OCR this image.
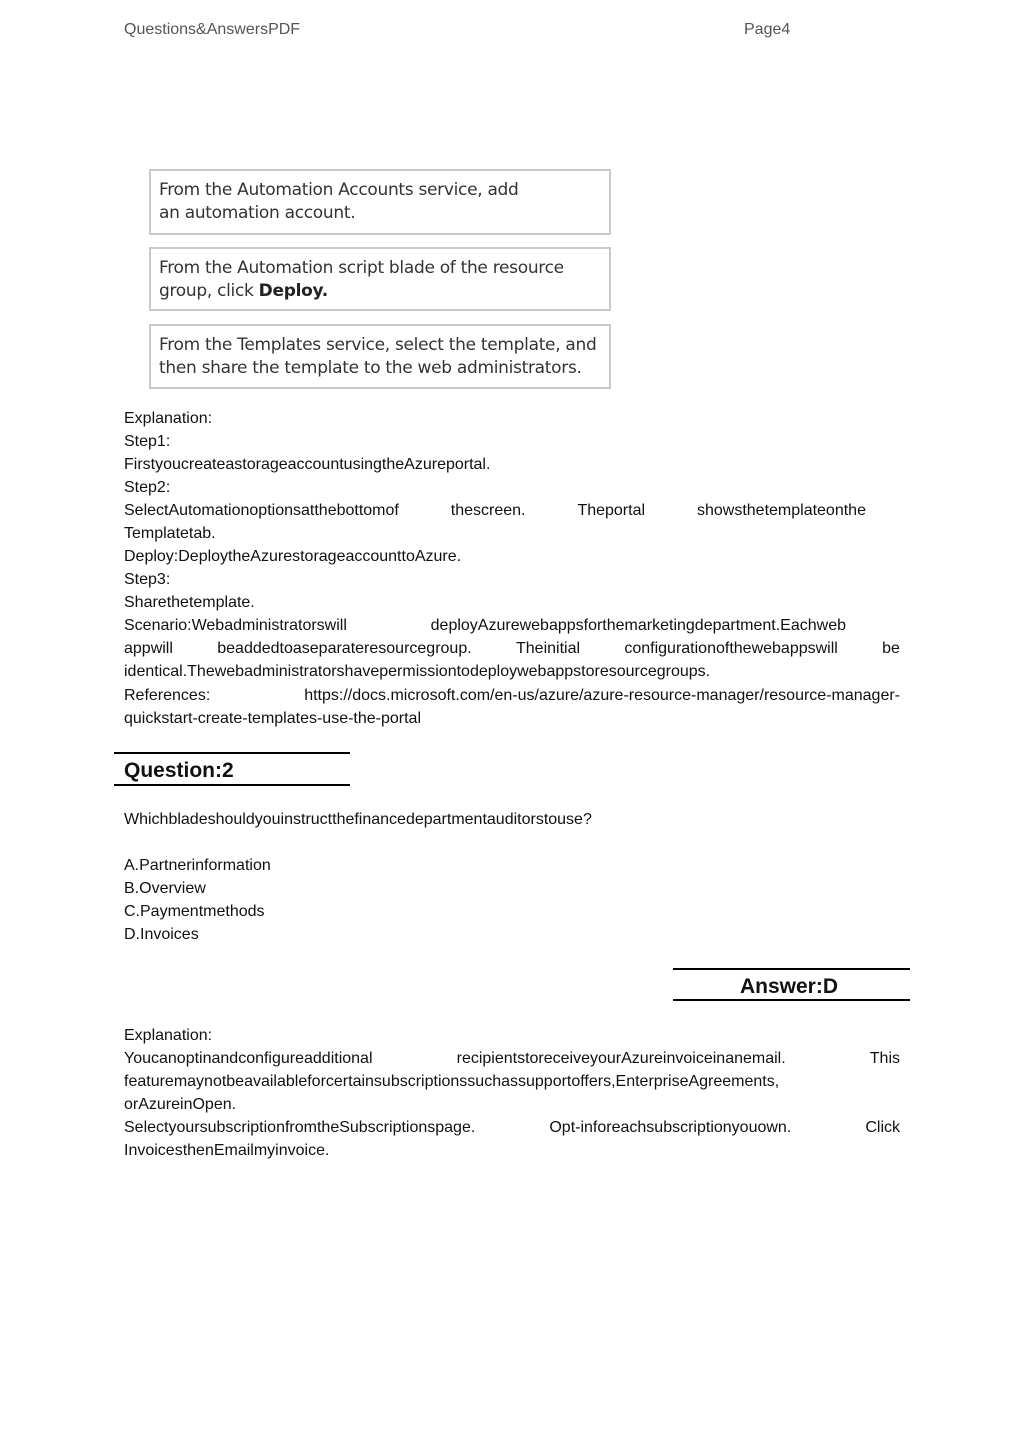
Questions&AnswersPDF	Page4
From the Automation Accounts service, add
an automation account.
From the Automation script blade of the resource
group, click Deploy.
From the Templates service, select the template, and
then share the template to the web administrators.
Explanation:
Step1:
FirstyoucreateastorageaccountusingtheAzureportal.
Step2:
SelectAutomationoptionsatthebottomof	thescreen.	Theportal	showsthetemplateonthe
Templatetab.
Deploy:DeploytheAzurestorageaccounttoAzure.
Step3:
Sharethetemplate.
Scenario:Webadministratorswill	deployAzurewebappsforthemarketingdepartment.Eachweb
appwill	beaddedtoaseparateresourcegroup.	Theinitial	configurationofthewebappswill	be
identical.Thewebadministratorshavepermissiontodeploywebappstoresourcegroups.
References:	https://docs.microsoft.com/en-us/azure/azure-resource-manager/resource-manager-
quickstart-create-templates-use-the-portal
Question:2
Whichbladeshouldyouinstructthefinancedepartmentauditorstouse?
A.Partnerinformation
B.Overview
C.Paymentmethods
D.Invoices
Answer:D
Explanation:
Youcanoptinandconfigureadditional	recipientstoreceiveyourAzureinvoiceinanemail.	This
featuremaynotbeavailableforcertainsubscriptionssuchassupportoffers,EnterpriseAgreements,
orAzureinOpen.
SelectyoursubscriptionfromtheSubscriptionspage.	Opt-inforeachsubscriptionyouown.	Click
InvoicesthenEmailmyinvoice.
